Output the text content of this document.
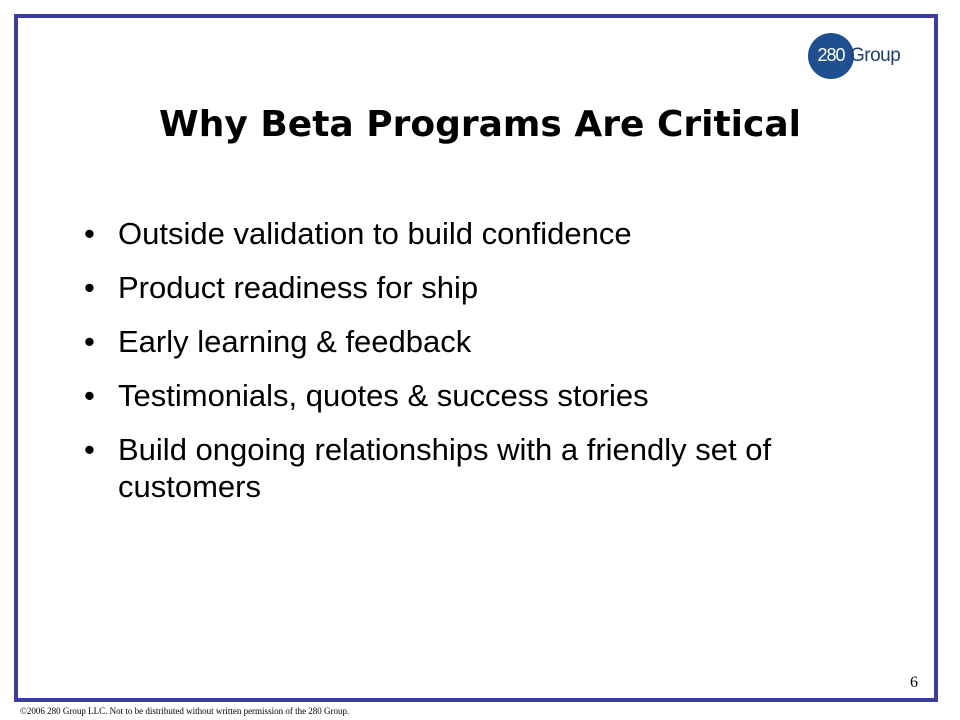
280 Group
Why Beta Programs Are Critical
• Outside validation to build confidence
• Product readiness for ship
• Early learning & feedback
• Testimonials, quotes & success stories
• Build ongoing relationships with a friendly set of customers
6
©2006 280 Group LLC. Not to be distributed without written permission of the 280 Group.
